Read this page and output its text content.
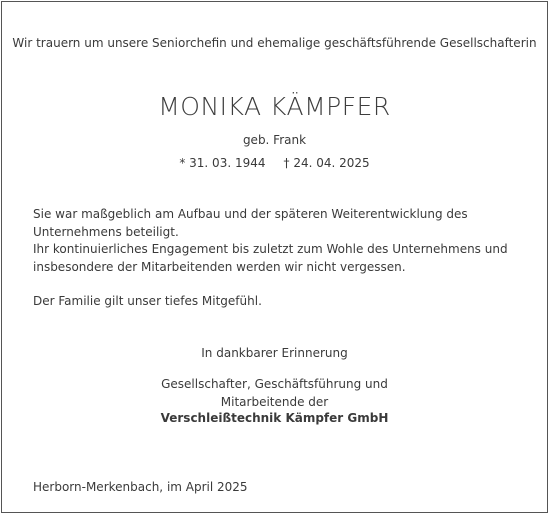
Wir trauern um unsere Seniorchefin und ehemalige geschäftsführende Gesellschafterin
MONIKA KÄMPFER
geb. Frank
* 31. 03. 1944 † 24. 04. 2025
Sie war maßgeblich am Aufbau und der späteren Weiterentwicklung des
Unternehmens beteiligt.
Ihr kontinuierliches Engagement bis zuletzt zum Wohle des Unternehmens und
insbesondere der Mitarbeitenden werden wir nicht vergessen.
Der Familie gilt unser tiefes Mitgefühl.
In dankbarer Erinnerung
Gesellschafter, Geschäftsführung und
Mitarbeitende der
Verschleißtechnik Kämpfer GmbH
Herborn-Merkenbach, im April 2025
